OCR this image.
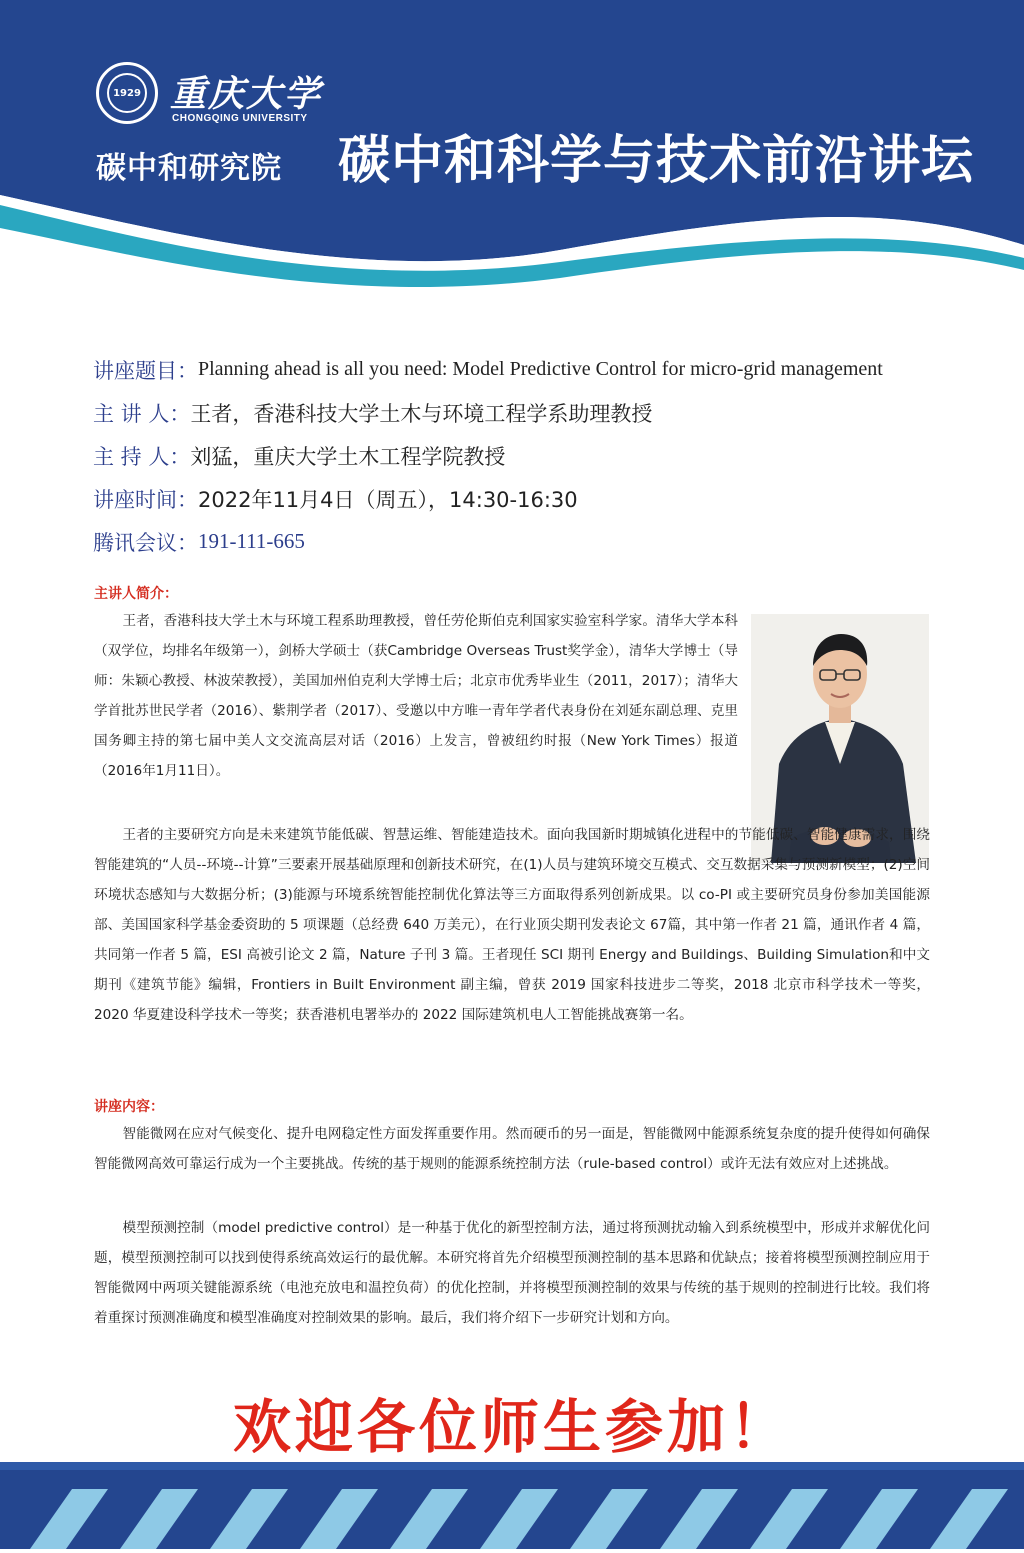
1929 重庆大学
CHONGQING UNIVERSITY
碳中和研究院 碳中和科学与技术前沿讲坛
讲座题目 ： Planning ahead is all you need: Model Predictive Control for micro-grid management
主 讲 人 ： 王者，香港科技大学土木与环境工程学系助理教授
主 持 人 ： 刘猛，重庆大学土木工程学院教授
讲座时间 ： 2022年11月4日（周五），14:30-16:30
腾讯会议 ： 191-111-665
主讲人简介：

王者，香港科技大学土木与环境工程系助理教授，曾任劳伦斯伯克利国家实验室科学家。清华大学本科（双学位，均排名年级第一），剑桥大学硕士（获Cambridge Overseas Trust奖学金），清华大学博士（导师：朱颖心教授、林波荣教授），美国加州伯克利大学博士后；北京市优秀毕业生（2011，2017）；清华大学首批苏世民学者（2016）、紫荆学者（2017）、受邀以中方唯一青年学者代表身份在刘延东副总理、克里国务卿主持的第七届中美人文交流高层对话（2016）上发言，曾被纽约时报（New York Times）报道（2016年1月11日）。

王者的主要研究方向是未来建筑节能低碳、智慧运维、智能建造技术。面向我国新时期城镇化进程中的节能低碳、智能健康需求，围绕智能建筑的“人员--环境--计算”三要素开展基础原理和创新技术研究，在(1)人员与建筑环境交互模式、交互数据采集与预测新模型；(2)空间环境状态感知与大数据分析；(3)能源与环境系统智能控制优化算法等三方面取得系列创新成果。以 co-PI 或主要研究员身份参加美国能源部、美国国家科学基金委资助的 5 项课题（总经费 640 万美元），在行业顶尖期刊发表论文 67篇，其中第一作者 21 篇，通讯作者 4 篇，共同第一作者 5 篇，ESI 高被引论文 2 篇，Nature 子刊 3 篇。王者现任 SCI 期刊 Energy and Buildings、Building Simulation和中文期刊《建筑节能》编辑，Frontiers in Built Environment 副主编，曾获 2019 国家科技进步二等奖，2018 北京市科学技术一等奖，2020 华夏建设科学技术一等奖；获香港机电署举办的 2022 国际建筑机电人工智能挑战赛第一名。

讲座内容：

智能微网在应对气候变化、提升电网稳定性方面发挥重要作用。然而硬币的另一面是，智能微网中能源系统复杂度的提升使得如何确保智能微网高效可靠运行成为一个主要挑战。传统的基于规则的能源系统控制方法（rule-based control）或许无法有效应对上述挑战。

模型预测控制（model predictive control）是一种基于优化的新型控制方法，通过将预测扰动输入到系统模型中，形成并求解优化问题，模型预测控制可以找到使得系统高效运行的最优解。本研究将首先介绍模型预测控制的基本思路和优缺点；接着将模型预测控制应用于智能微网中两项关键能源系统（电池充放电和温控负荷）的优化控制，并将模型预测控制的效果与传统的基于规则的控制进行比较。我们将着重探讨预测准确度和模型准确度对控制效果的影响。最后，我们将介绍下一步研究计划和方向。

欢迎各位师生参加！
